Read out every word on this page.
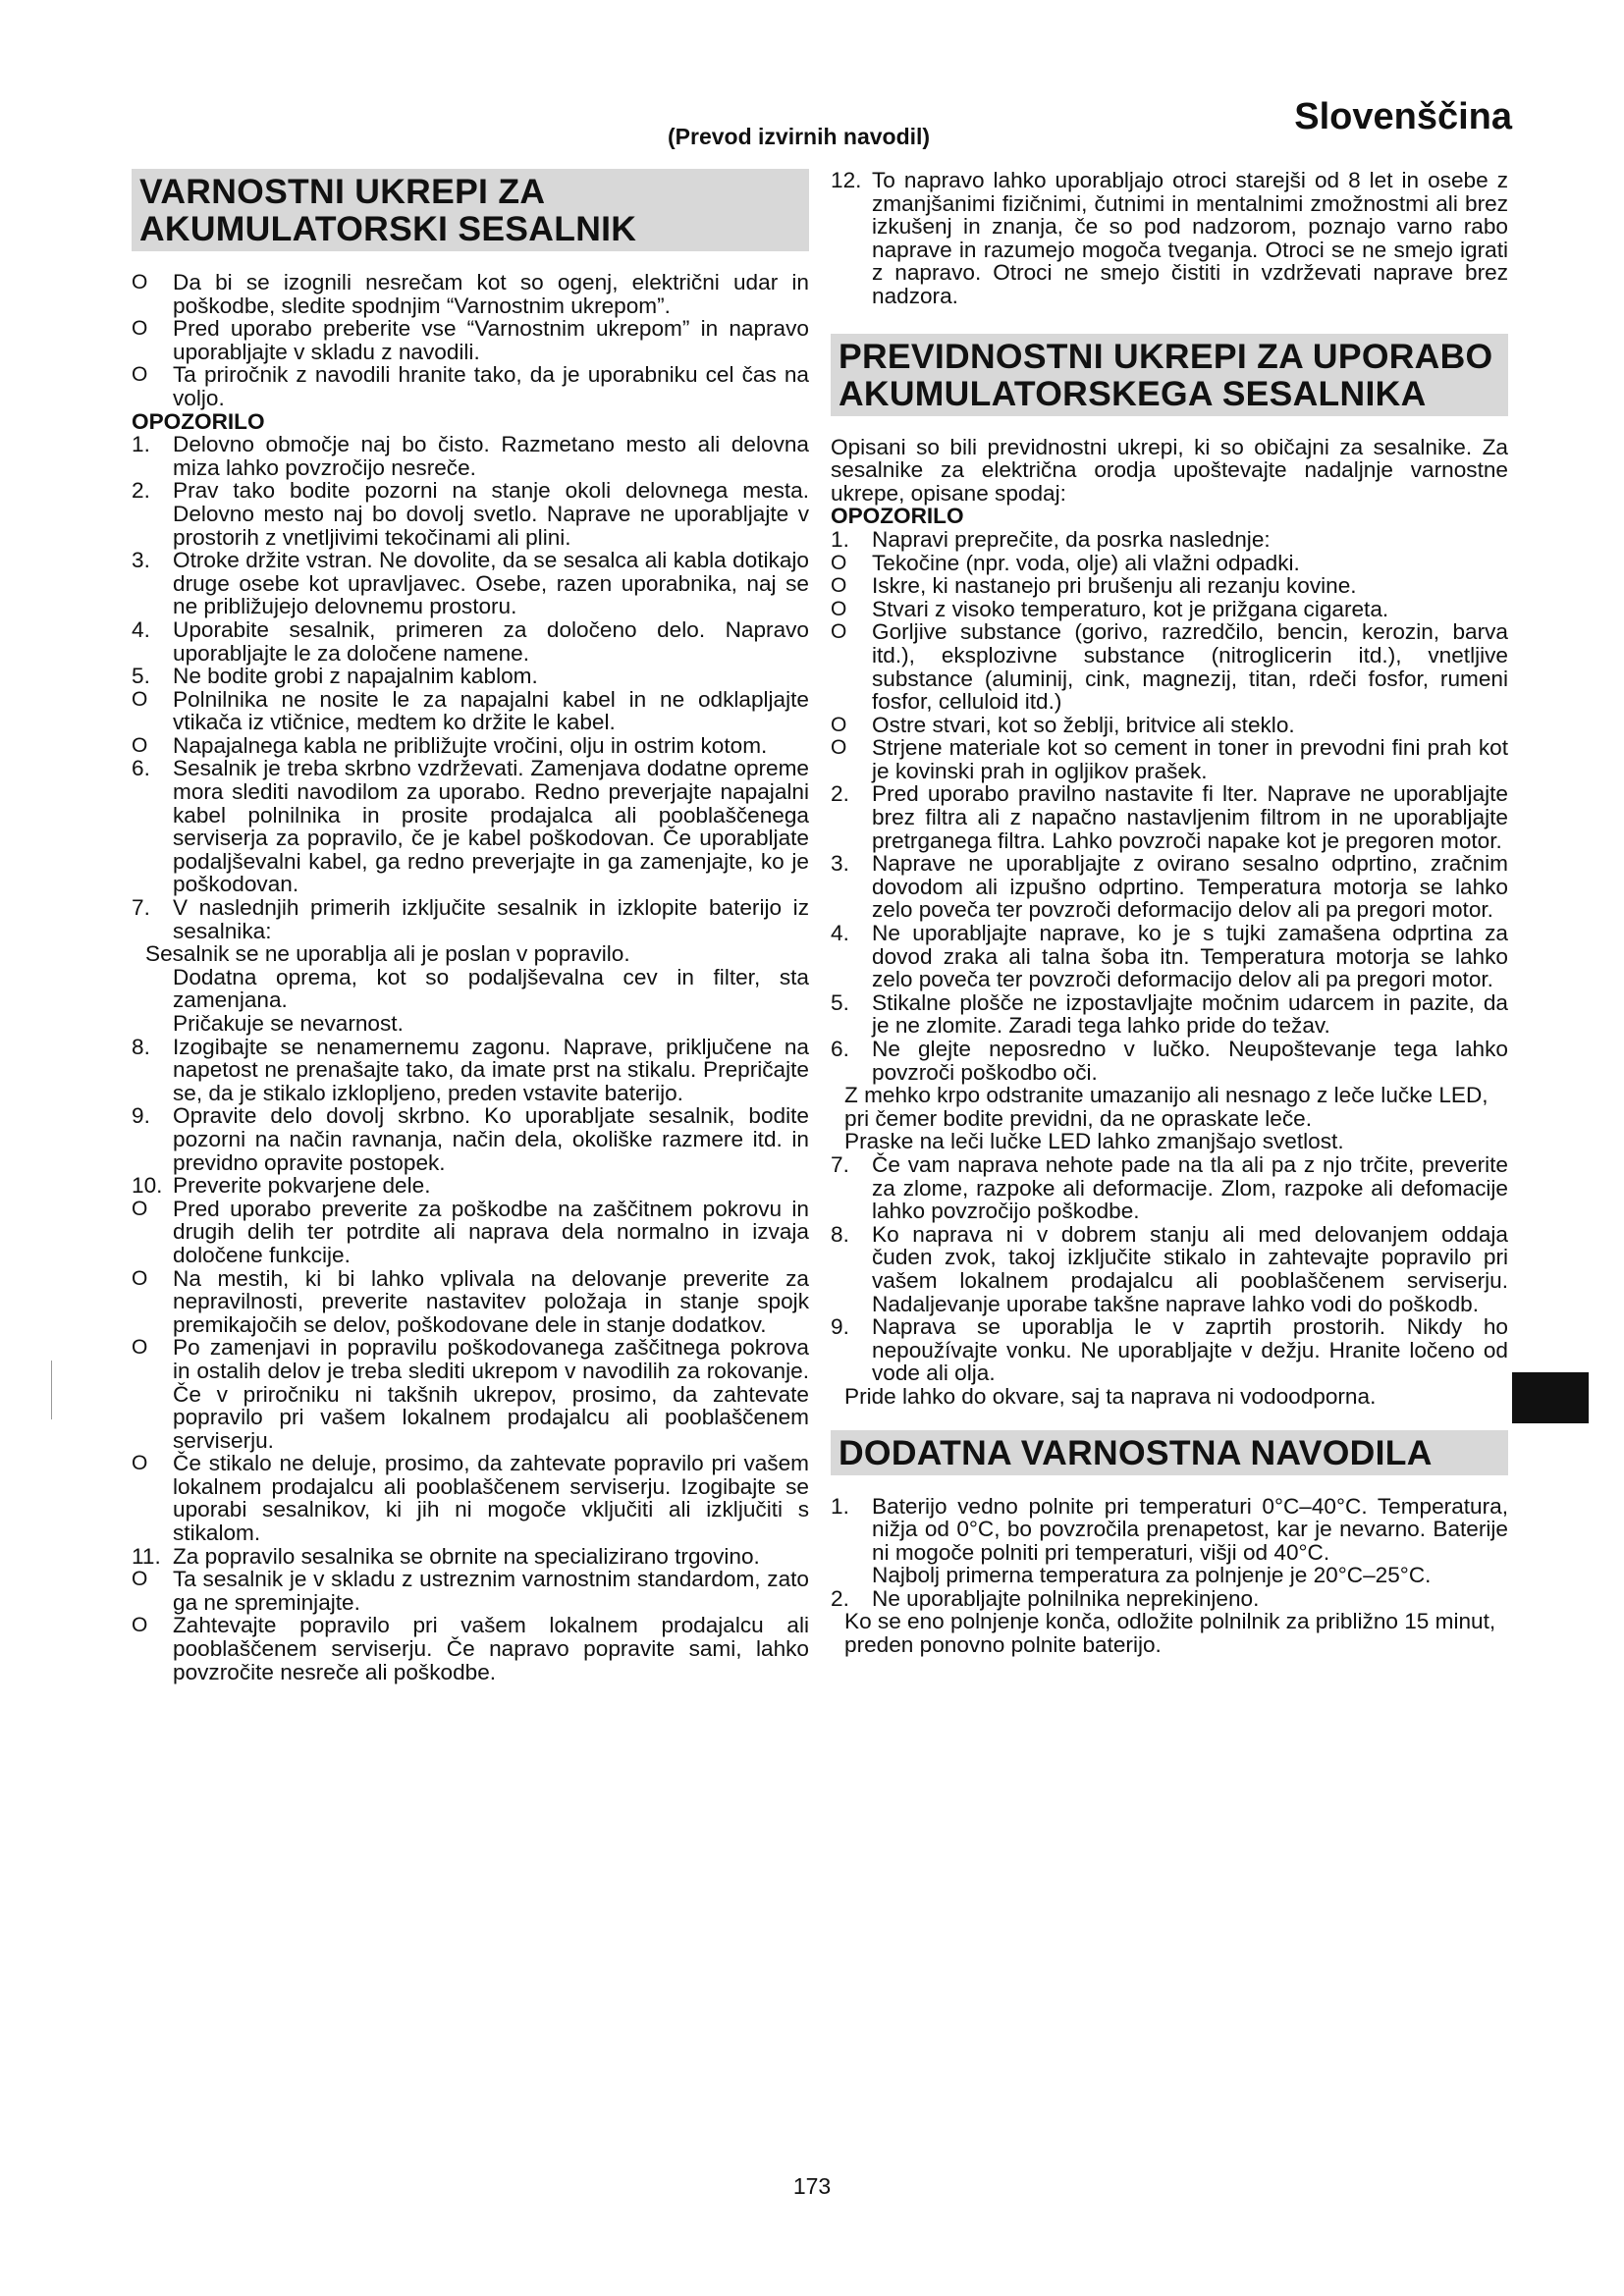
Slovenščina
(Prevod izvirnih navodil)
VARNOSTNI UKREPI ZA AKUMULATORSKI SESALNIK
O	Da bi se izognili nesrečam kot so ogenj, električni udar in poškodbe, sledite spodnjim “Varnostnim ukrepom”.
O	Pred uporabo preberite vse “Varnostnim ukrepom” in napravo uporabljajte v skladu z navodili.
O	Ta priročnik z navodili hranite tako, da je uporabniku cel čas na voljo.
OPOZORILO
1.	Delovno območje naj bo čisto. Razmetano mesto ali delovna miza lahko povzročijo nesreče.
2.	Prav tako bodite pozorni na stanje okoli delovnega mesta. Delovno mesto naj bo dovolj svetlo. Naprave ne uporabljajte v prostorih z vnetljivimi tekočinami ali plini.
3.	Otroke držite vstran. Ne dovolite, da se sesalca ali kabla dotikajo druge osebe kot upravljavec. Osebe, razen uporabnika, naj se ne približujejo delovnemu prostoru.
4.	Uporabite sesalnik, primeren za določeno delo. Napravo uporabljajte le za določene namene.
5.	Ne bodite grobi z napajalnim kablom.
O	Polnilnika ne nosite le za napajalni kabel in ne odklapljajte vtikača iz vtičnice, medtem ko držite le kabel.
O	Napajalnega kabla ne približujte vročini, olju in ostrim kotom.
6.	Sesalnik je treba skrbno vzdrževati. Zamenjava dodatne opreme mora slediti navodilom za uporabo. Redno preverjajte napajalni kabel polnilnika in prosite prodajalca ali pooblaščenega serviserja za popravilo, če je kabel poškodovan. Če uporabljate podaljševalni kabel, ga redno preverjajte in ga zamenjajte, ko je poškodovan.
7.	V naslednjih primerih izključite sesalnik in izklopite baterijo iz sesalnika:
Sesalnik se ne uporablja ali je poslan v popravilo.
Dodatna oprema, kot so podaljševalna cev in filter, sta zamenjana.
Pričakuje se nevarnost.
8.	Izogibajte se nenamernemu zagonu. Naprave, priključene na napetost ne prenašajte tako, da imate prst na stikalu. Prepričajte se, da je stikalo izklopljeno, preden vstavite baterijo.
9.	Opravite delo dovolj skrbno. Ko uporabljate sesalnik, bodite pozorni na način ravnanja, način dela, okoliške razmere itd. in previdno opravite postopek.
10. Preverite pokvarjene dele.
O	Pred uporabo preverite za poškodbe na zaščitnem pokrovu in drugih delih ter potrdite ali naprava dela normalno in izvaja določene funkcije.
O	Na mestih, ki bi lahko vplivala na delovanje preverite za nepravilnosti, preverite nastavitev položaja in stanje spojk premikajočih se delov, poškodovane dele in stanje dodatkov.
O	Po zamenjavi in popravilu poškodovanega zaščitnega pokrova in ostalih delov je treba slediti ukrepom v navodilih za rokovanje. Če v priročniku ni takšnih ukrepov, prosimo, da zahtevate popravilo pri vašem lokalnem prodajalcu ali pooblaščenem serviserju.
O	Če stikalo ne deluje, prosimo, da zahtevate popravilo pri vašem lokalnem prodajalcu ali pooblaščenem serviserju. Izogibajte se uporabi sesalnikov, ki jih ni mogoče vključiti ali izključiti s stikalom.
11. Za popravilo sesalnika se obrnite na specializirano trgovino.
O	Ta sesalnik je v skladu z ustreznim varnostnim standardom, zato ga ne spreminjajte.
O	Zahtevajte popravilo pri vašem lokalnem prodajalcu ali pooblaščenem serviserju. Če napravo popravite sami, lahko povzročite nesreče ali poškodbe.
12. To napravo lahko uporabljajo otroci starejši od 8 let in osebe z zmanjšanimi fizičnimi, čutnimi in mentalnimi zmožnostmi ali brez izkušenj in znanja, če so pod nadzorom, poznajo varno rabo naprave in razumejo mogoča tveganja. Otroci se ne smejo igrati z napravo. Otroci ne smejo čistiti in vzdrževati naprave brez nadzora.
PREVIDNOSTNI UKREPI ZA UPORABO AKUMULATORSKEGA SESALNIKA
Opisani so bili previdnostni ukrepi, ki so običajni za sesalnike. Za sesalnike za električna orodja upoštevajte nadaljnje varnostne ukrepe, opisane spodaj:
OPOZORILO
1.	Napravi preprečite, da posrka naslednje:
O	Tekočine (npr. voda, olje) ali vlažni odpadki.
O	Iskre, ki nastanejo pri brušenju ali rezanju kovine.
O	Stvari z visoko temperaturo, kot je prižgana cigareta.
O	Gorljive substance (gorivo, razredčilo, bencin, kerozin, barva itd.), eksplozivne substance (nitroglicerin itd.), vnetljive substance (aluminij, cink, magnezij, titan, rdeči fosfor, rumeni fosfor, celluloid itd.)
O	Ostre stvari, kot so žeblji, britvice ali steklo.
O	Strjene materiale kot so cement in toner in prevodni fini prah kot je kovinski prah in ogljikov prašek.
2.	Pred uporabo pravilno nastavite fi lter. Naprave ne uporabljajte brez filtra ali z napačno nastavljenim filtrom in ne uporabljajte pretrganega filtra. Lahko povzroči napake kot je pregoren motor.
3.	Naprave ne uporabljajte z ovirano sesalno odprtino, zračnim dovodom ali izpušno odprtino. Temperatura motorja se lahko zelo poveča ter povzroči deformacijo delov ali pa pregori motor.
4.	Ne uporabljajte naprave, ko je s tujki zamašena odprtina za dovod zraka ali talna šoba itn. Temperatura motorja se lahko zelo poveča ter povzroči deformacijo delov ali pa pregori motor.
5.	Stikalne plošče ne izpostavljajte močnim udarcem in pazite, da je ne zlomite. Zaradi tega lahko pride do težav.
6.	Ne glejte neposredno v lučko. Neupoštevanje tega lahko povzroči poškodbo oči.
Z mehko krpo odstranite umazanijo ali nesnago z leče lučke LED, pri čemer bodite previdni, da ne opraskate leče.
Praske na leči lučke LED lahko zmanjšajo svetlost.
7.	Če vam naprava nehote pade na tla ali pa z njo trčite, preverite za zlome, razpoke ali deformacije. Zlom, razpoke ali defomacije lahko povzročijo poškodbe.
8.	Ko naprava ni v dobrem stanju ali med delovanjem oddaja čuden zvok, takoj izključite stikalo in zahtevajte popravilo pri vašem lokalnem prodajalcu ali pooblaščenem serviserju. Nadaljevanje uporabe takšne naprave lahko vodi do poškodb.
9.	Naprava se uporablja le v zaprtih prostorih. Nikdy ho nepoužívajte vonku. Ne uporabljajte v dežju. Hranite ločeno od vode ali olja.
Pride lahko do okvare, saj ta naprava ni vodoodporna.
DODATNA VARNOSTNA NAVODILA
1.	Baterijo vedno polnite pri temperaturi 0°C–40°C. Temperatura, nižja od 0°C, bo povzročila prenapetost, kar je nevarno. Baterije ni mogoče polniti pri temperaturi, višji od 40°C.
Najbolj primerna temperatura za polnjenje je 20°C–25°C.
2.	Ne uporabljajte polnilnika neprekinjeno.
Ko se eno polnjenje konča, odložite polnilnik za približno 15 minut, preden ponovno polnite baterijo.
173
